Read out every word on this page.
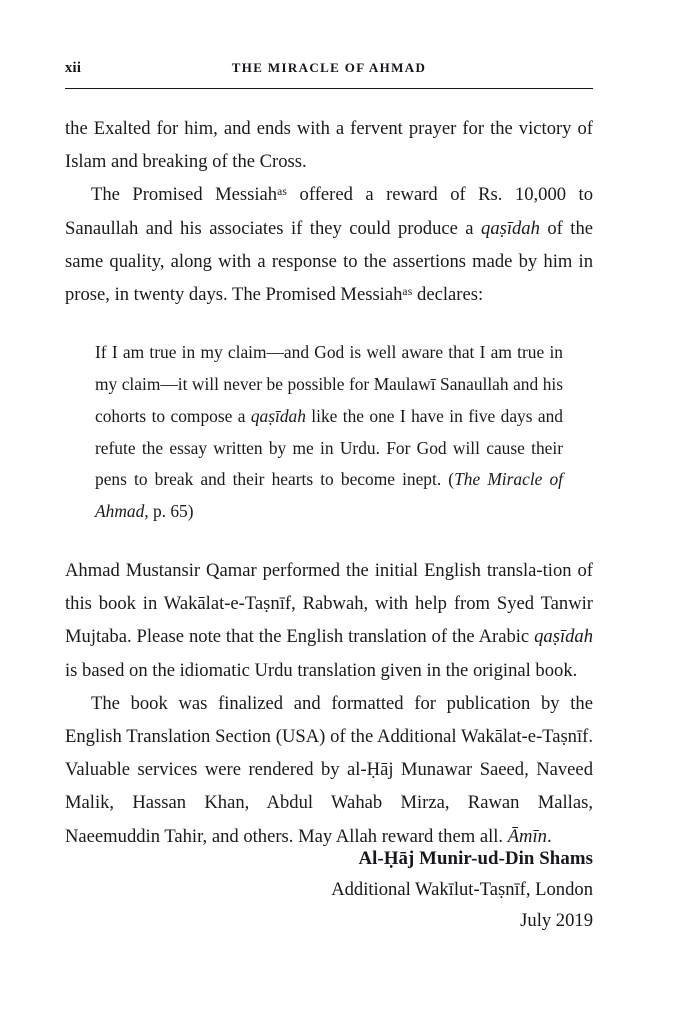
xii	THE MIRACLE OF AHMAD

the Exalted for him, and ends with a fervent prayer for the victory of Islam and breaking of the Cross.

The Promised Messiah$^{as}$ offered a reward of Rs. 10,000 to Sanaullah and his associates if they could produce a qaṣīdah of the same quality, along with a response to the assertions made by him in prose, in twenty days. The Promised Messiah$^{as}$ declares:

If I am true in my claim—and God is well aware that I am true in my claim—it will never be possible for Maulawī Sanaullah and his cohorts to compose a qaṣīdah like the one I have in five days and refute the essay written by me in Urdu. For God will cause their pens to break and their hearts to become inept. (The Miracle of Ahmad, p. 65)

Ahmad Mustansir Qamar performed the initial English transla-tion of this book in Wakālat-e-Taṣnīf, Rabwah, with help from Syed Tanwir Mujtaba. Please note that the English translation of the Arabic qaṣīdah is based on the idiomatic Urdu translation given in the original book.

The book was finalized and formatted for publication by the English Translation Section (USA) of the Additional Wakālat-e-Taṣnīf. Valuable services were rendered by al-Ḥāj Munawar Saeed, Naveed Malik, Hassan Khan, Abdul Wahab Mirza, Rawan Mallas, Naeemuddin Tahir, and others. May Allah reward them all. Āmīn.

Al-Ḥāj Munir-ud-Din Shams
Additional Wakīlut-Taṣnīf, London
July 2019
